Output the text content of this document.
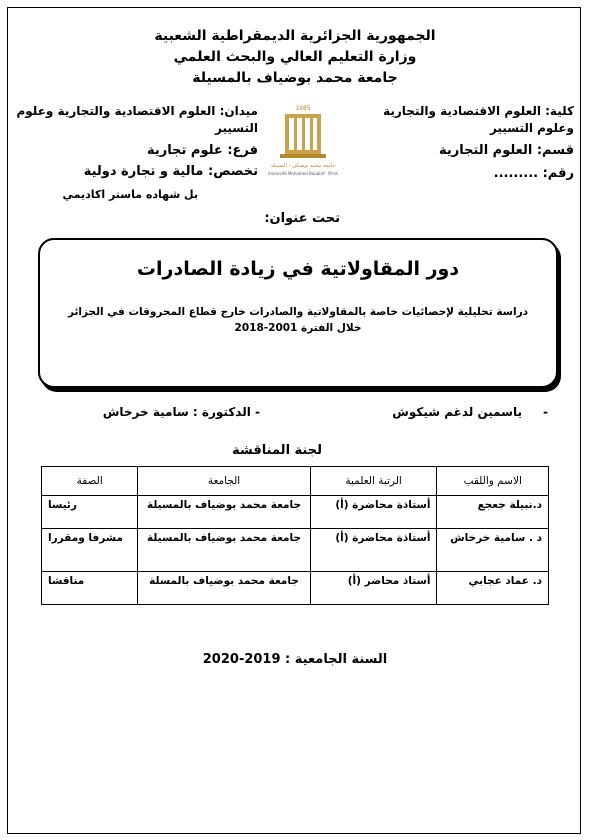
الجمهورية الجزائرية الديمقراطية الشعبية
وزارة التعليم العالي والبحث العلمي
جامعة محمد بوضياف بالمسيلة
كلية: العلوم الاقتصادية والتجارية وعلوم التسيير
قسم: العلوم التجارية
رقم: .........
ميدان: العلوم الاقتصادية والتجارية وعلوم التسيير
فرع: علوم تجارية
تخصص: مالية و تجارة دولية
بل شهاده ماستر اكاديمي
1985
جامعة محمد بوضياف - المسيلة
Université Mohamed Boudiaf - M'sila
تحت عنوان:
دور المقاولاتية في زيادة الصادرات
دراسة تحليلية لإحصائيات خاصة بالمقاولاتية والصادرات خارج قطاع المحروقات في الجزائر خلال الفترة 2001-2018
-
ياسمين لدغم شيكوش
- الدكتورة : سامية خرخاش
لجنة المناقشة
الاسم واللقب	الرتبة العلمية	الجامعة	الصفة
د.نبيلة جعجع	أستاذة محاضرة (أ)	جامعة محمد بوضياف بالمسيلة	رئيسا
د . سامية خرخاش	أستاذة محاضرة (أ)	جامعة محمد بوضياف بالمسيلة	مشرفا ومقررا
د. عماد عجابي	أستاذ محاضر (أ)	جامعة محمد بوضياف بالمسلة	مناقشا
السنة الجامعية : 2019-2020
